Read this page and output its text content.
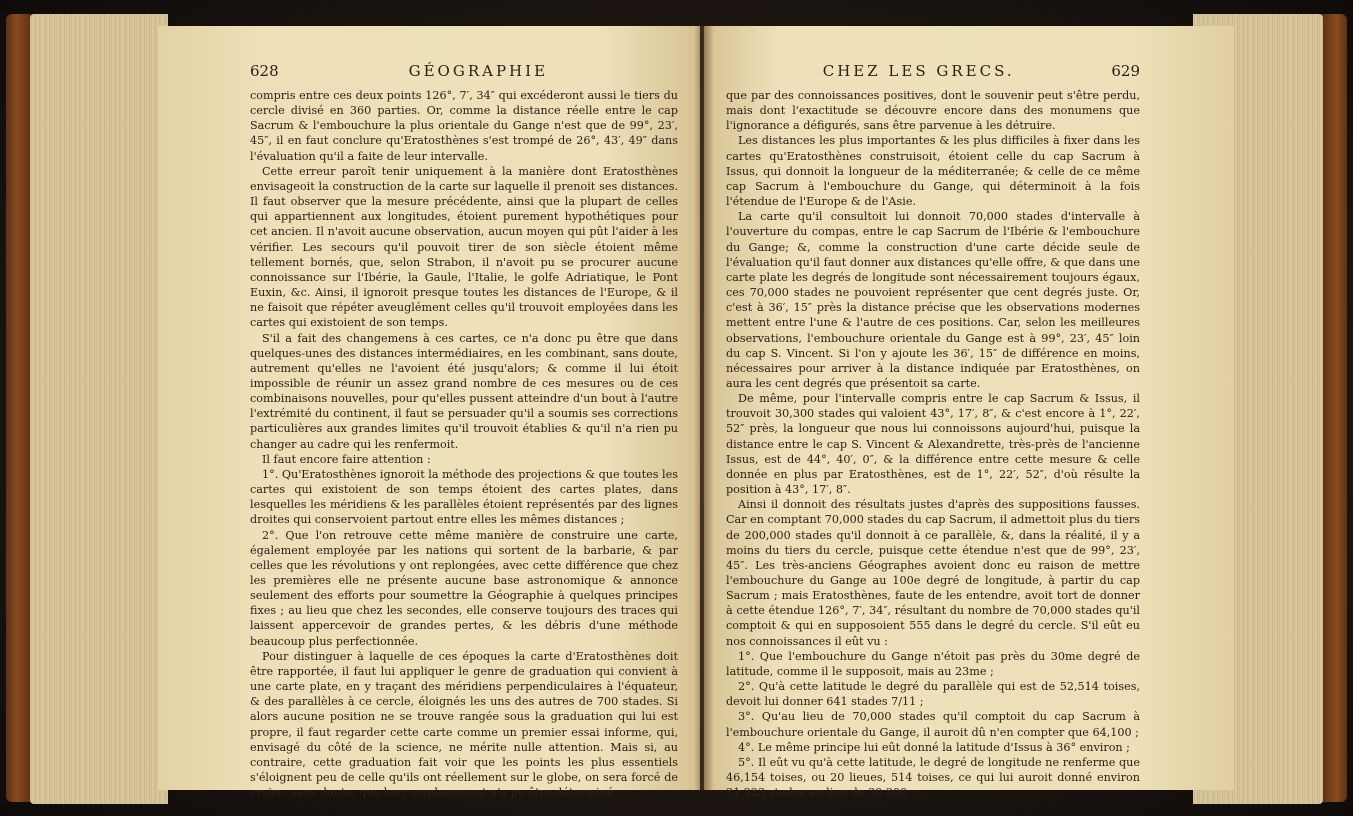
628	GÉOGRAPHIE

compris entre ces deux points 126°, 7′, 34″ qui excéderont aussi le tiers du cercle divisé en 360 parties. Or, comme la distance réelle entre le cap Sacrum & l'embouchure la plus orientale du Gange n'est que de 99°, 23′, 45″, il en faut conclure qu'Eratosthènes s'est trompé de 26°, 43′, 49″ dans l'évaluation qu'il a faite de leur intervalle.

Cette erreur paroît tenir uniquement à la manière dont Eratosthènes envisageoit la construction de la carte sur laquelle il prenoit ses distances. Il faut observer que la mesure précédente, ainsi que la plupart de celles qui appartiennent aux longitudes, étoient purement hypothétiques pour cet ancien. Il n'avoit aucune observation, aucun moyen qui pût l'aider à les vérifier. Les secours qu'il pouvoit tirer de son siècle étoient même tellement bornés, que, selon Strabon, il n'avoit pu se procurer aucune connoissance sur l'Ibérie, la Gaule, l'Italie, le golfe Adriatique, le Pont Euxin, &c. Ainsi, il ignoroit presque toutes les distances de l'Europe, & il ne faisoit que répéter aveuglément celles qu'il trouvoit employées dans les cartes qui existoient de son temps.

S'il a fait des changemens à ces cartes, ce n'a donc pu être que dans quelques-unes des distances intermédiaires, en les combinant, sans doute, autrement qu'elles ne l'avoient été jusqu'alors; & comme il lui étoit impossible de réunir un assez grand nombre de ces mesures ou de ces combinaisons nouvelles, pour qu'elles pussent atteindre d'un bout à l'autre l'extrémité du continent, il faut se persuader qu'il a soumis ses corrections particulières aux grandes limites qu'il trouvoit établies & qu'il n'a rien pu changer au cadre qui les renfermoit.

Il faut encore faire attention :

1°. Qu'Eratosthènes ignoroit la méthode des projections & que toutes les cartes qui existoient de son temps étoient des cartes plates, dans lesquelles les méridiens & les parallèles étoient représentés par des lignes droites qui conservoient partout entre elles les mêmes distances ;

2°. Que l'on retrouve cette même manière de construire une carte, également employée par les nations qui sortent de la barbarie, & par celles que les révolutions y ont replongées, avec cette différence que chez les premières elle ne présente aucune base astronomique & annonce seulement des efforts pour soumettre la Géographie à quelques principes fixes ; au lieu que chez les secondes, elle conserve toujours des traces qui laissent appercevoir de grandes pertes, & les débris d'une méthode beaucoup plus perfectionnée.

Pour distinguer à laquelle de ces époques la carte d'Eratosthènes doit être rapportée, il faut lui appliquer le genre de graduation qui convient à une carte plate, en y traçant des méridiens perpendiculaires à l'équateur, & des parallèles à ce cercle, éloignés les uns des autres de 700 stades. Si alors aucune position ne se trouve rangée sous la graduation qui lui est propre, il faut regarder cette carte comme un premier essai informe, qui, envisagé du côté de la science, ne mérite nulle attention. Mais si, au contraire, cette graduation fait voir que les points les plus essentiels s'éloignent peu de celle qu'ils ont réellement sur le globe, on sera forcé de croire, sans doute, que leur emplacement n'a pu être déterminé

CHEZ LES GRECS.	629

que par des connoissances positives, dont le souvenir peut s'être perdu, mais dont l'exactitude se découvre encore dans des monumens que l'ignorance a défigurés, sans être parvenue à les détruire.

Les distances les plus importantes & les plus difficiles à fixer dans les cartes qu'Eratosthènes construisoit, étoient celle du cap Sacrum à Issus, qui donnoit la longueur de la méditerranée; & celle de ce même cap Sacrum à l'embouchure du Gange, qui déterminoit à la fois l'étendue de l'Europe & de l'Asie.

La carte qu'il consultoit lui donnoit 70,000 stades d'intervalle à l'ouverture du compas, entre le cap Sacrum de l'Ibérie & l'embouchure du Gange; &, comme la construction d'une carte décide seule de l'évaluation qu'il faut donner aux distances qu'elle offre, & que dans une carte plate les degrés de longitude sont nécessairement toujours égaux, ces 70,000 stades ne pouvoient représenter que cent degrés juste. Or, c'est à 36′, 15″ près la distance précise que les observations modernes mettent entre l'une & l'autre de ces positions. Car, selon les meilleures observations, l'embouchure orientale du Gange est à 99°, 23′, 45″ loin du cap S. Vincent. Si l'on y ajoute les 36′, 15″ de différence en moins, nécessaires pour arriver à la distance indiquée par Eratosthènes, on aura les cent degrés que présentoit sa carte.

De même, pour l'intervalle compris entre le cap Sacrum & Issus, il trouvoit 30,300 stades qui valoient 43°, 17′, 8″, & c'est encore à 1°, 22′, 52″ près, la longueur que nous lui connoissons aujourd'hui, puisque la distance entre le cap S. Vincent & Alexandrette, très-près de l'ancienne Issus, est de 44°, 40′, 0″, & la différence entre cette mesure & celle donnée en plus par Eratosthènes, est de 1°, 22′, 52″, d'où résulte la position à 43°, 17′, 8″.

Ainsi il donnoit des résultats justes d'après des suppositions fausses. Car en comptant 70,000 stades du cap Sacrum, il admettoit plus du tiers de 200,000 stades qu'il donnoit à ce parallèle, &, dans la réalité, il y a moins du tiers du cercle, puisque cette étendue n'est que de 99°, 23′, 45″. Les très-anciens Géographes avoient donc eu raison de mettre l'embouchure du Gange au 100e degré de longitude, à partir du cap Sacrum ; mais Eratosthènes, faute de les entendre, avoit tort de donner à cette étendue 126°, 7′, 34″, résultant du nombre de 70,000 stades qu'il comptoit & qui en supposoient 555 dans le degré du cercle. S'il eût eu nos connoissances il eût vu :

1°. Que l'embouchure du Gange n'étoit pas près du 30me degré de latitude, comme il le supposoit, mais au 23me ;

2°. Qu'à cette latitude le degré du parallèle qui est de 52,514 toises, devoit lui donner 641 stades 7/11 ;

3°. Qu'au lieu de 70,000 stades qu'il comptoit du cap Sacrum à l'embouchure orientale du Gange, il auroit dû n'en compter que 64,100 ;

4°. Le même principe lui eût donné la latitude d'Issus à 36° environ ;

5°. Il eût vu qu'à cette latitude, le degré de longitude ne renferme que 46,154 toises, ou 20 lieues, 514 toises, ce qui lui auroit donné environ 31,223 stades au lieu de 30,300 ;
